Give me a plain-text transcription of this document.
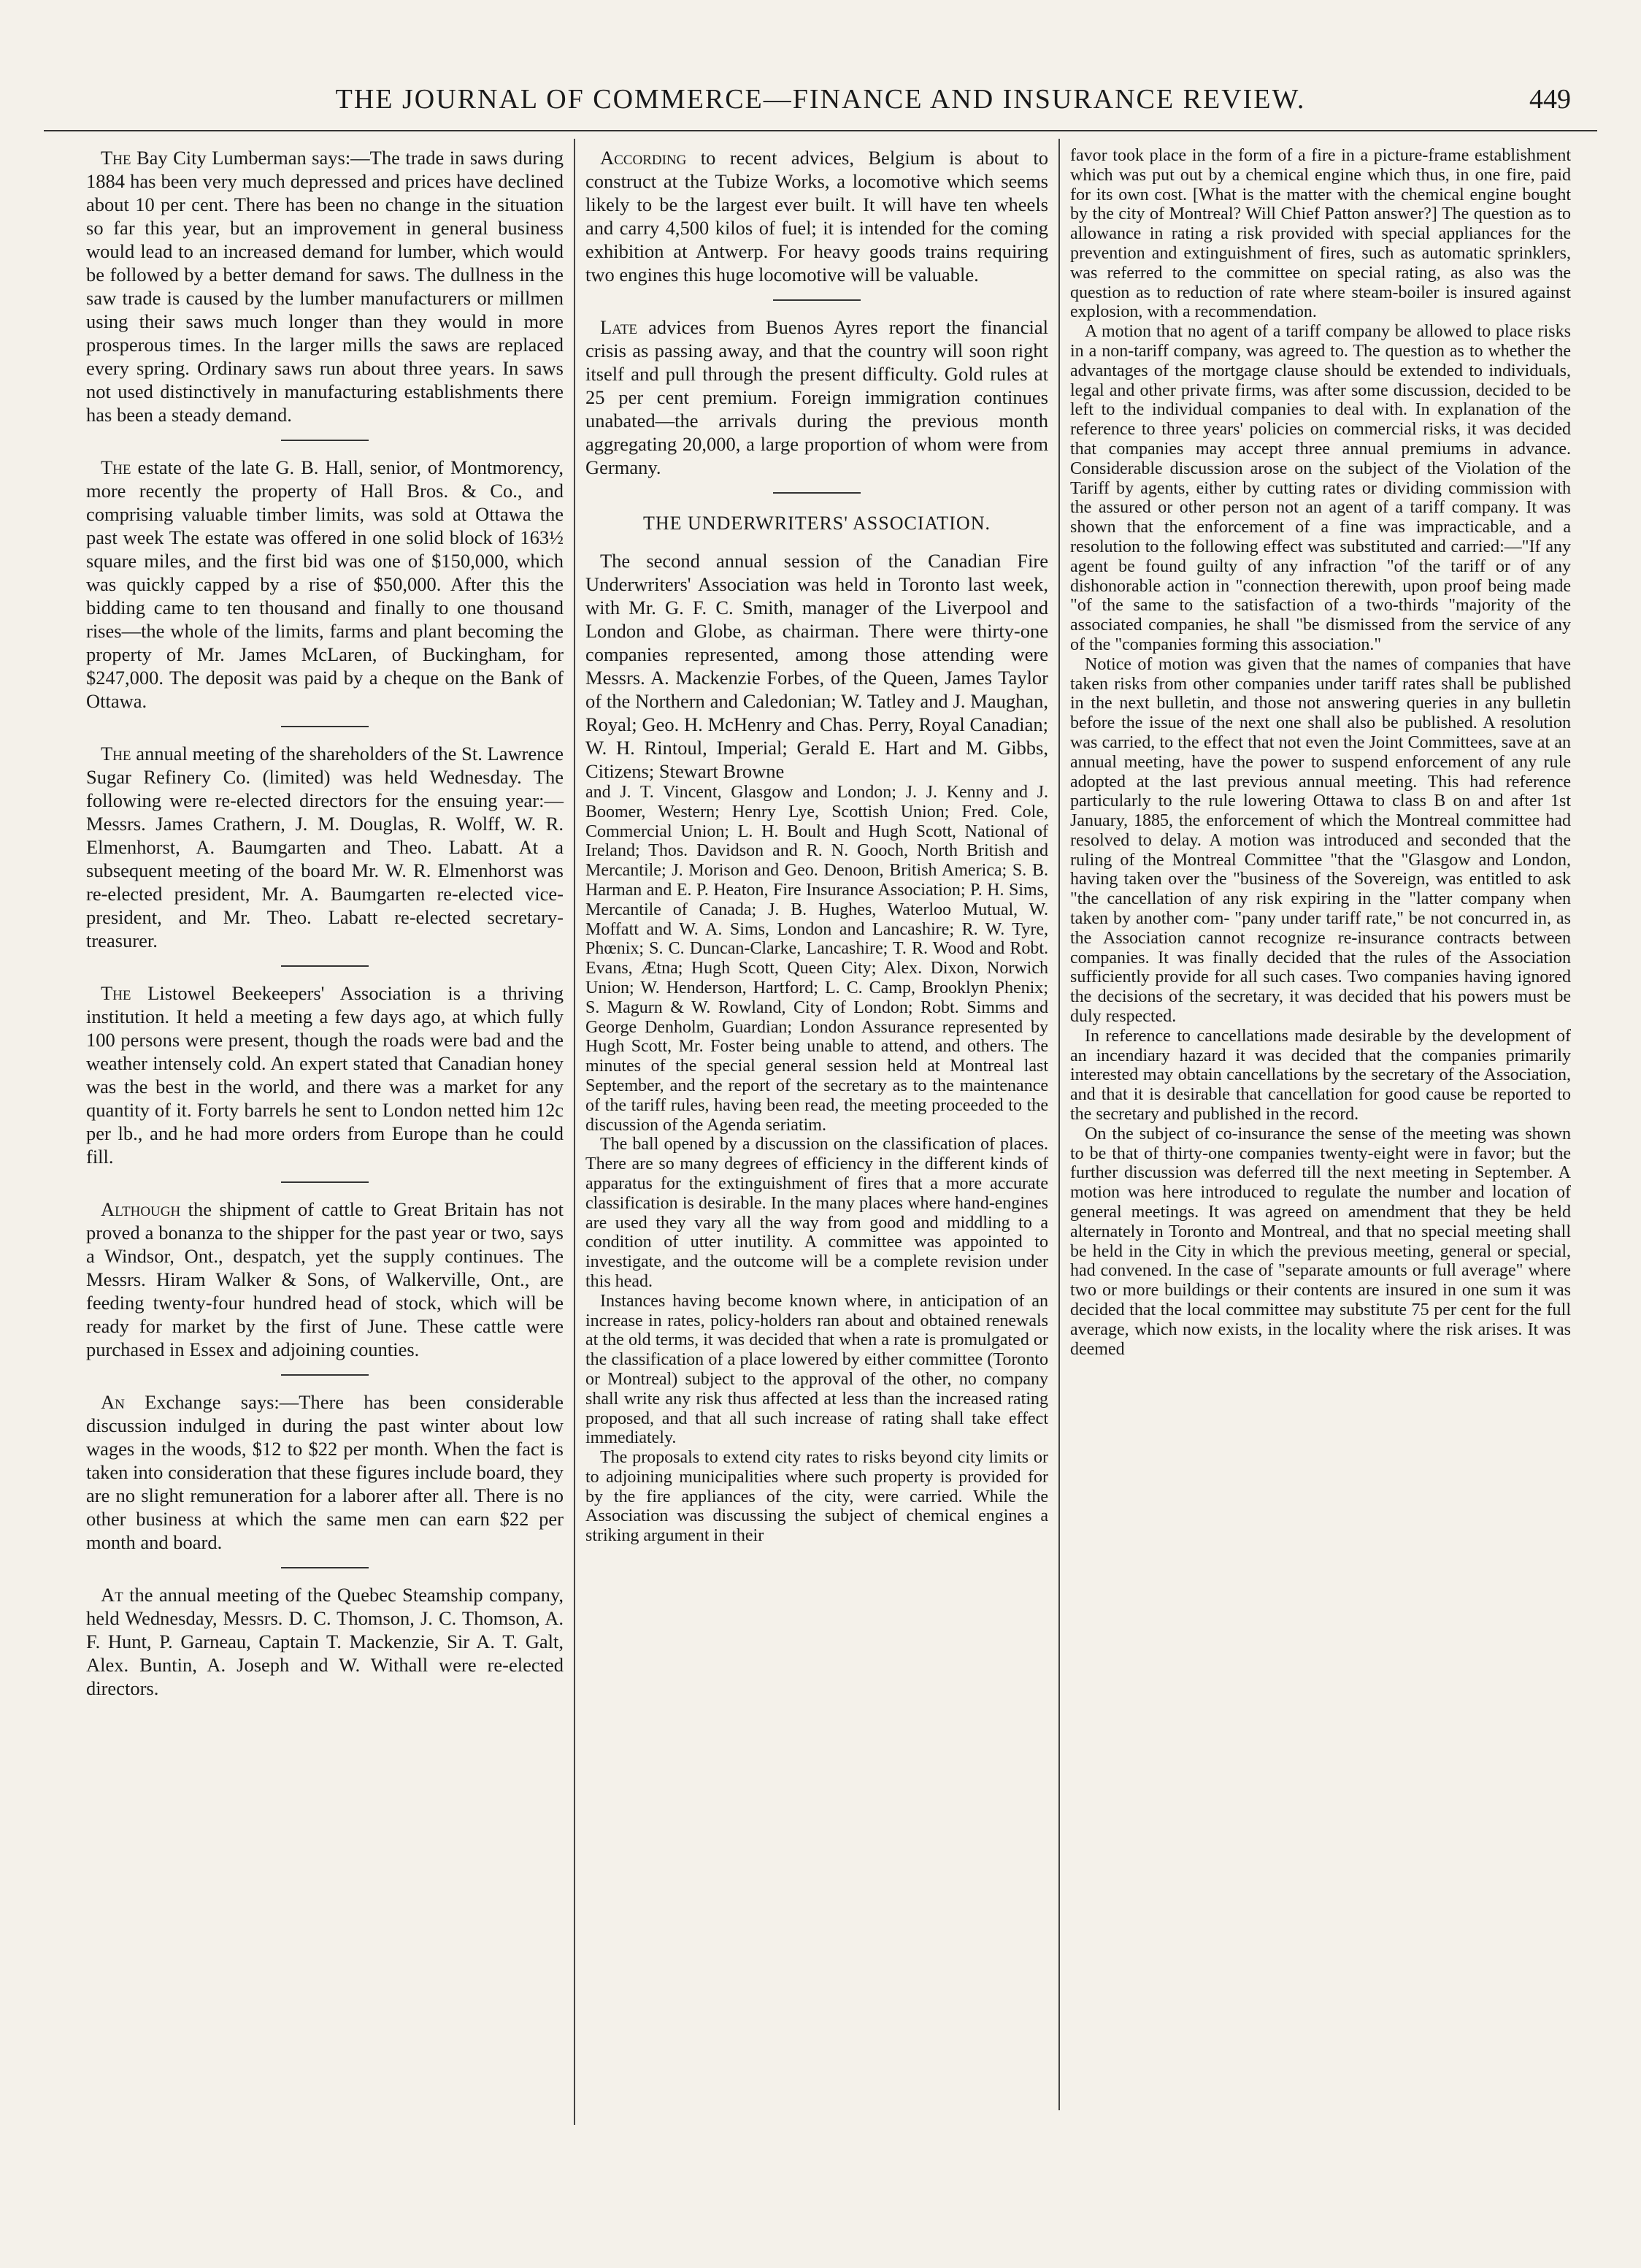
THE JOURNAL OF COMMERCE—FINANCE AND INSURANCE REVIEW.	449

The Bay City Lumberman says:—The trade in saws during 1884 has been very much depressed and prices have declined about 10 per cent. There has been no change in the situation so far this year, but an improvement in general business would lead to an increased demand for lumber, which would be followed by a better demand for saws. The dullness in the saw trade is caused by the lumber manufacturers or millmen using their saws much longer than they would in more prosperous times. In the larger mills the saws are replaced every spring. Ordinary saws run about three years. In saws not used distinctively in manufacturing establishments there has been a steady demand.

The estate of the late G. B. Hall, senior, of Montmorency, more recently the property of Hall Bros. & Co., and comprising valuable timber limits, was sold at Ottawa the past week The estate was offered in one solid block of 163½ square miles, and the first bid was one of $150,000, which was quickly capped by a rise of $50,000. After this the bidding came to ten thousand and finally to one thousand rises—the whole of the limits, farms and plant becoming the property of Mr. James McLaren, of Buckingham, for $247,000. The deposit was paid by a cheque on the Bank of Ottawa.

The annual meeting of the shareholders of the St. Lawrence Sugar Refinery Co. (limited) was held Wednesday. The following were re-elected directors for the ensuing year:—Messrs. James Crathern, J. M. Douglas, R. Wolff, W. R. Elmenhorst, A. Baumgarten and Theo. Labatt. At a subsequent meeting of the board Mr. W. R. Elmenhorst was re-elected president, Mr. A. Baumgarten re-elected vice-president, and Mr. Theo. Labatt re-elected secretary-treasurer.

The Listowel Beekeepers' Association is a thriving institution. It held a meeting a few days ago, at which fully 100 persons were present, though the roads were bad and the weather intensely cold. An expert stated that Canadian honey was the best in the world, and there was a market for any quantity of it. Forty barrels he sent to London netted him 12c per lb., and he had more orders from Europe than he could fill.

Although the shipment of cattle to Great Britain has not proved a bonanza to the shipper for the past year or two, says a Windsor, Ont., despatch, yet the supply continues. The Messrs. Hiram Walker & Sons, of Walkerville, Ont., are feeding twenty-four hundred head of stock, which will be ready for market by the first of June. These cattle were purchased in Essex and adjoining counties.

An Exchange says:—There has been considerable discussion indulged in during the past winter about low wages in the woods, $12 to $22 per month. When the fact is taken into consideration that these figures include board, they are no slight remuneration for a laborer after all. There is no other business at which the same men can earn $22 per month and board.

At the annual meeting of the Quebec Steamship company, held Wednesday, Messrs. D. C. Thomson, J. C. Thomson, A. F. Hunt, P. Garneau, Captain T. Mackenzie, Sir A. T. Galt, Alex. Buntin, A. Joseph and W. Withall were re-elected directors.

According to recent advices, Belgium is about to construct at the Tubize Works, a locomotive which seems likely to be the largest ever built. It will have ten wheels and carry 4,500 kilos of fuel; it is intended for the coming exhibition at Antwerp. For heavy goods trains requiring two engines this huge locomotive will be valuable.

Late advices from Buenos Ayres report the financial crisis as passing away, and that the country will soon right itself and pull through the present difficulty. Gold rules at 25 per cent premium. Foreign immigration continues unabated—the arrivals during the previous month aggregating 20,000, a large proportion of whom were from Germany.

THE UNDERWRITERS' ASSOCIATION.

The second annual session of the Canadian Fire Underwriters' Association was held in Toronto last week, with Mr. G. F. C. Smith, manager of the Liverpool and London and Globe, as chairman. There were thirty-one companies represented, among those attending were Messrs. A. Mackenzie Forbes, of the Queen, James Taylor of the Northern and Caledonian; W. Tatley and J. Maughan, Royal; Geo. H. McHenry and Chas. Perry, Royal Canadian; W. H. Rintoul, Imperial; Gerald E. Hart and M. Gibbs, Citizens; Stewart Browne

and J. T. Vincent, Glasgow and London; J. J. Kenny and J. Boomer, Western; Henry Lye, Scottish Union; Fred. Cole, Commercial Union; L. H. Boult and Hugh Scott, National of Ireland; Thos. Davidson and R. N. Gooch, North British and Mercantile; J. Morison and Geo. Denoon, British America; S. B. Harman and E. P. Heaton, Fire Insurance Association; P. H. Sims, Mercantile of Canada; J. B. Hughes, Waterloo Mutual, W. Moffatt and W. A. Sims, London and Lancashire; R. W. Tyre, Phœnix; S. C. Duncan-Clarke, Lancashire; T. R. Wood and Robt. Evans, Ætna; Hugh Scott, Queen City; Alex. Dixon, Norwich Union; W. Henderson, Hartford; L. C. Camp, Brooklyn Phenix; S. Magurn & W. Rowland, City of London; Robt. Simms and George Denholm, Guardian; London Assurance represented by Hugh Scott, Mr. Foster being unable to attend, and others. The minutes of the special general session held at Montreal last September, and the report of the secretary as to the maintenance of the tariff rules, having been read, the meeting proceeded to the discussion of the Agenda seriatim.

The ball opened by a discussion on the classification of places. There are so many degrees of efficiency in the different kinds of apparatus for the extinguishment of fires that a more accurate classification is desirable. In the many places where hand-engines are used they vary all the way from good and middling to a condition of utter inutility. A committee was appointed to investigate, and the outcome will be a complete revision under this head.

Instances having become known where, in anticipation of an increase in rates, policy-holders ran about and obtained renewals at the old terms, it was decided that when a rate is promulgated or the classification of a place lowered by either committee (Toronto or Montreal) subject to the approval of the other, no company shall write any risk thus affected at less than the increased rating proposed, and that all such increase of rating shall take effect immediately.

The proposals to extend city rates to risks beyond city limits or to adjoining municipalities where such property is provided for by the fire appliances of the city, were carried. While the Association was discussing the subject of chemical engines a striking argument in their

favor took place in the form of a fire in a picture-frame establishment which was put out by a chemical engine which thus, in one fire, paid for its own cost. [What is the matter with the chemical engine bought by the city of Montreal? Will Chief Patton answer?] The question as to allowance in rating a risk provided with special appliances for the prevention and extinguishment of fires, such as automatic sprinklers, was referred to the committee on special rating, as also was the question as to reduction of rate where steam-boiler is insured against explosion, with a recommendation.

A motion that no agent of a tariff company be allowed to place risks in a non-tariff company, was agreed to. The question as to whether the advantages of the mortgage clause should be extended to individuals, legal and other private firms, was after some discussion, decided to be left to the individual companies to deal with. In explanation of the reference to three years' policies on commercial risks, it was decided that companies may accept three annual premiums in advance. Considerable discussion arose on the subject of the Violation of the Tariff by agents, either by cutting rates or dividing commission with the assured or other person not an agent of a tariff company. It was shown that the enforcement of a fine was impracticable, and a resolution to the following effect was substituted and carried:—"If any agent be found guilty of any infraction "of the tariff or of any dishonorable action in "connection therewith, upon proof being made "of the same to the satisfaction of a two-thirds "majority of the associated companies, he shall "be dismissed from the service of any of the "companies forming this association."

Notice of motion was given that the names of companies that have taken risks from other companies under tariff rates shall be published in the next bulletin, and those not answering queries in any bulletin before the issue of the next one shall also be published. A resolution was carried, to the effect that not even the Joint Committees, save at an annual meeting, have the power to suspend enforcement of any rule adopted at the last previous annual meeting. This had reference particularly to the rule lowering Ottawa to class B on and after 1st January, 1885, the enforcement of which the Montreal committee had resolved to delay. A motion was introduced and seconded that the ruling of the Montreal Committee "that the "Glasgow and London, having taken over the "business of the Sovereign, was entitled to ask "the cancellation of any risk expiring in the "latter company when taken by another com- "pany under tariff rate," be not concurred in, as the Association cannot recognize re-insurance contracts between companies. It was finally decided that the rules of the Association sufficiently provide for all such cases. Two companies having ignored the decisions of the secretary, it was decided that his powers must be duly respected.

In reference to cancellations made desirable by the development of an incendiary hazard it was decided that the companies primarily interested may obtain cancellations by the secretary of the Association, and that it is desirable that cancellation for good cause be reported to the secretary and published in the record.

On the subject of co-insurance the sense of the meeting was shown to be that of thirty-one companies twenty-eight were in favor; but the further discussion was deferred till the next meeting in September. A motion was here introduced to regulate the number and location of general meetings. It was agreed on amendment that they be held alternately in Toronto and Montreal, and that no special meeting shall be held in the City in which the previous meeting, general or special, had convened. In the case of "separate amounts or full average" where two or more buildings or their contents are insured in one sum it was decided that the local committee may substitute 75 per cent for the full average, which now exists, in the locality where the risk arises. It was deemed
